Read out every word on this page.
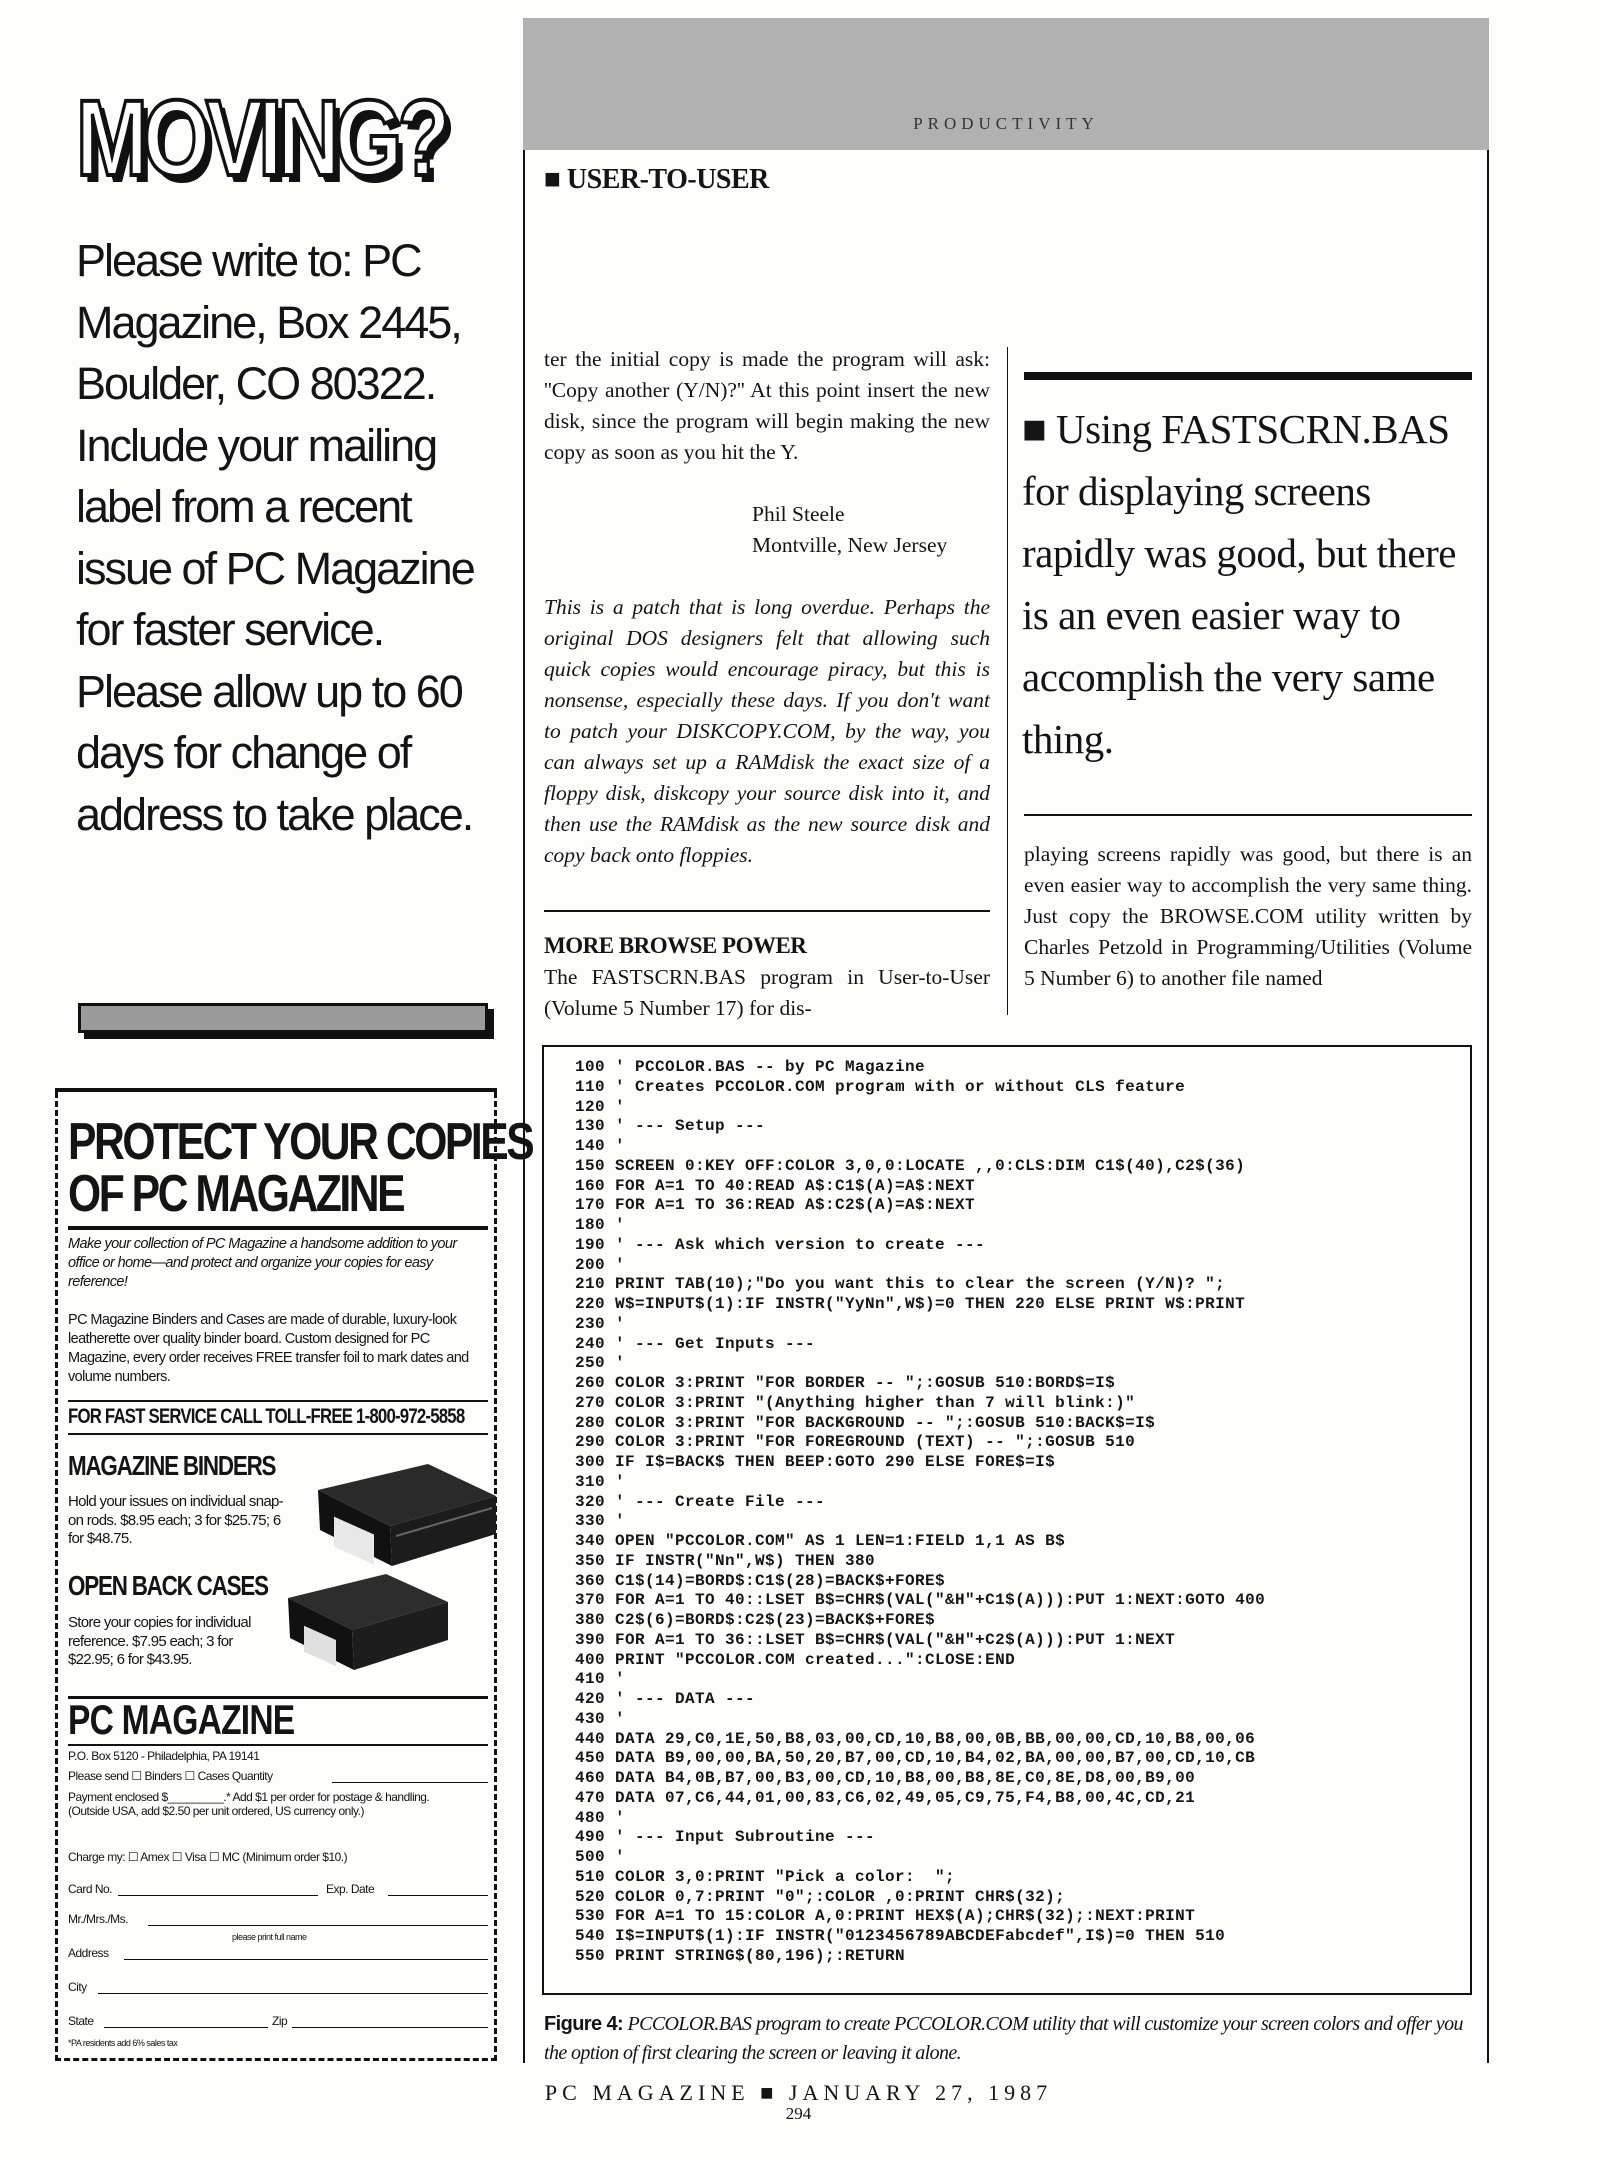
MOVING?
Please write to: PC Magazine, Box 2445, Boulder, CO 80322. Include your mailing label from a recent issue of PC Magazine for faster service. Please allow up to 60 days for change of address to take place.
PROTECT YOUR COPIES
OF PC MAGAZINE
Make your collection of PC Magazine a handsome addition to your office or home—and protect and organize your copies for easy reference!
PC Magazine Binders and Cases are made of durable, luxury-look leatherette over quality binder board. Custom designed for PC Magazine, every order receives FREE transfer foil to mark dates and volume numbers.
FOR FAST SERVICE CALL TOLL-FREE 1-800-972-5858
MAGAZINE BINDERS
Hold your issues on individual snap-on rods. $8.95 each; 3 for $25.75; 6 for $48.75.
OPEN BACK CASES
Store your copies for individual reference. $7.95 each; 3 for $22.95; 6 for $43.95.
PC MAGAZINE
P.O. Box 5120 - Philadelphia, PA 19141
Please send ☐ Binders ☐ Cases Quantity
Payment enclosed $_________.* Add $1 per order for postage & handling. (Outside USA, add $2.50 per unit ordered, US currency only.)
Charge my: ☐ Amex ☐ Visa ☐ MC (Minimum order $10.)
Card No.	Exp. Date
Mr./Mrs./Ms.
please print full name
Address
City
State	Zip
*PA residents add 6% sales tax
PRODUCTIVITY
■ USER-TO-USER

ter the initial copy is made the program will ask: ''Copy another (Y/N)?'' At this point insert the new disk, since the program will begin making the new copy as soon as you hit the Y.

Phil Steele
Montville, New Jersey
This is a patch that is long overdue. Perhaps the original DOS designers felt that allowing such quick copies would encourage piracy, but this is nonsense, especially these days. If you don't want to patch your DISKCOPY.COM, by the way, you can always set up a RAMdisk the exact size of a floppy disk, diskcopy your source disk into it, and then use the RAMdisk as the new source disk and copy back onto floppies.
MORE BROWSE POWER
The FASTSCRN.BAS program in User-to-User (Volume 5 Number 17) for dis-
■ Using FASTSCRN.BAS for displaying screens rapidly was good, but there is an even easier way to accomplish the very same thing.
playing screens rapidly was good, but there is an even easier way to accomplish the very same thing. Just copy the BROWSE.COM utility written by Charles Petzold in Programming/Utilities (Volume 5 Number 6) to another file named
100 ' PCCOLOR.BAS -- by PC Magazine
110 ' Creates PCCOLOR.COM program with or without CLS feature
120 '
130 ' --- Setup ---
140 '
150 SCREEN 0:KEY OFF:COLOR 3,0,0:LOCATE ,,0:CLS:DIM C1$(40),C2$(36)
160 FOR A=1 TO 40:READ A$:C1$(A)=A$:NEXT
170 FOR A=1 TO 36:READ A$:C2$(A)=A$:NEXT
180 '
190 ' --- Ask which version to create ---
200 '
210 PRINT TAB(10);"Do you want this to clear the screen (Y/N)? ";
220 W$=INPUT$(1):IF INSTR("YyNn",W$)=0 THEN 220 ELSE PRINT W$:PRINT
230 '
240 ' --- Get Inputs ---
250 '
260 COLOR 3:PRINT "FOR BORDER -- ";:GOSUB 510:BORD$=I$
270 COLOR 3:PRINT "(Anything higher than 7 will blink:)"
280 COLOR 3:PRINT "FOR BACKGROUND -- ";:GOSUB 510:BACK$=I$
290 COLOR 3:PRINT "FOR FOREGROUND (TEXT) -- ";:GOSUB 510
300 IF I$=BACK$ THEN BEEP:GOTO 290 ELSE FORE$=I$
310 '
320 ' --- Create File ---
330 '
340 OPEN "PCCOLOR.COM" AS 1 LEN=1:FIELD 1,1 AS B$
350 IF INSTR("Nn",W$) THEN 380
360 C1$(14)=BORD$:C1$(28)=BACK$+FORE$
370 FOR A=1 TO 40::LSET B$=CHR$(VAL("&H"+C1$(A))):PUT 1:NEXT:GOTO 400
380 C2$(6)=BORD$:C2$(23)=BACK$+FORE$
390 FOR A=1 TO 36::LSET B$=CHR$(VAL("&H"+C2$(A))):PUT 1:NEXT
400 PRINT "PCCOLOR.COM created...":CLOSE:END
410 '
420 ' --- DATA ---
430 '
440 DATA 29,C0,1E,50,B8,03,00,CD,10,B8,00,0B,BB,00,00,CD,10,B8,00,06
450 DATA B9,00,00,BA,50,20,B7,00,CD,10,B4,02,BA,00,00,B7,00,CD,10,CB
460 DATA B4,0B,B7,00,B3,00,CD,10,B8,00,B8,8E,C0,8E,D8,00,B9,00
470 DATA 07,C6,44,01,00,83,C6,02,49,05,C9,75,F4,B8,00,4C,CD,21
480 '
490 ' --- Input Subroutine ---
500 '
510 COLOR 3,0:PRINT "Pick a color:  ";
520 COLOR 0,7:PRINT "0";:COLOR ,0:PRINT CHR$(32);
530 FOR A=1 TO 15:COLOR A,0:PRINT HEX$(A);CHR$(32);:NEXT:PRINT
540 I$=INPUT$(1):IF INSTR("0123456789ABCDEFabcdef",I$)=0 THEN 510
550 PRINT STRING$(80,196);:RETURN
Figure 4: PCCOLOR.BAS program to create PCCOLOR.COM utility that will customize your screen colors and offer you the option of first clearing the screen or leaving it alone.
PC MAGAZINE ■ JANUARY 27, 1987
294
